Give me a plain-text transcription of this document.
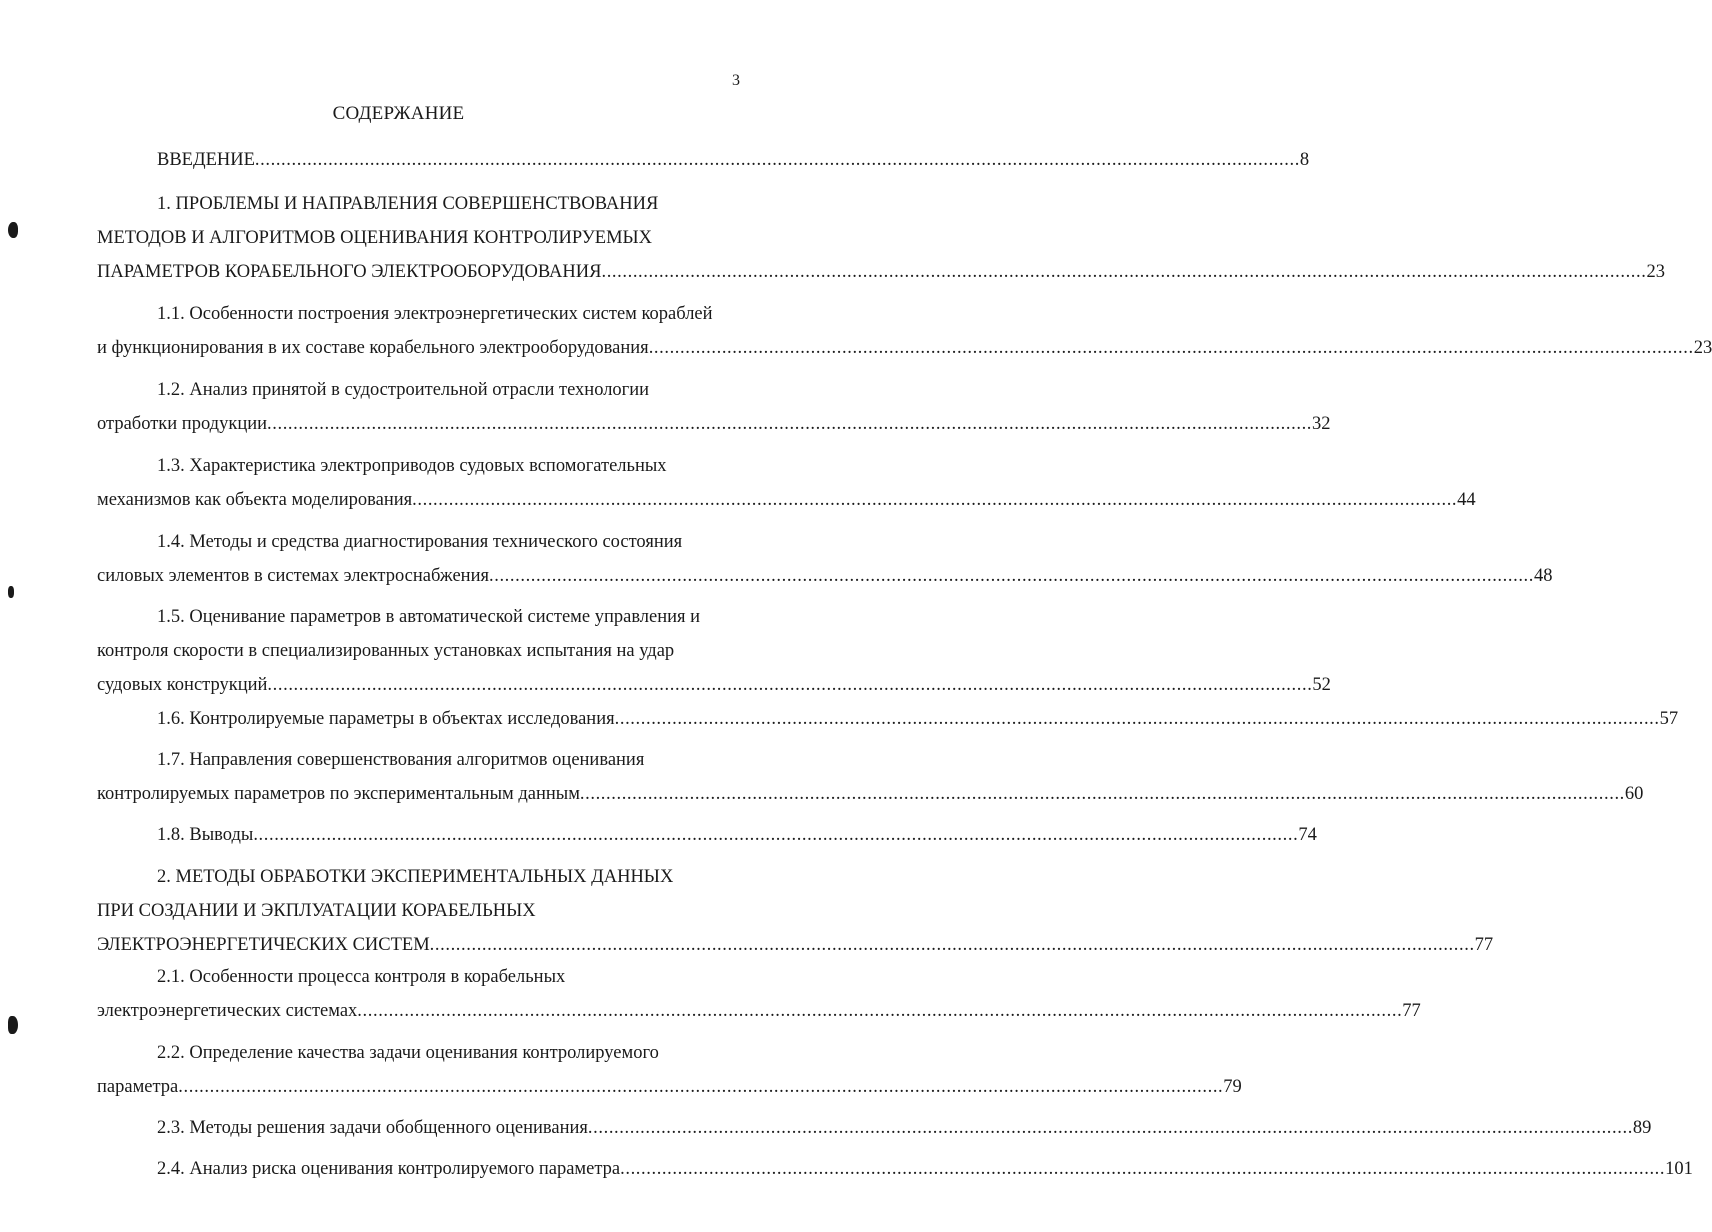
3
СОДЕРЖАНИЕ
ВВЕДЕНИЕ ........................................................................................................................................................................................................ 8
1. ПРОБЛЕМЫ И НАПРАВЛЕНИЯ СОВЕРШЕНСТВОВАНИЯ
МЕТОДОВ И АЛГОРИТМОВ ОЦЕНИВАНИЯ КОНТРОЛИРУЕМЫХ
ПАРАМЕТРОВ КОРАБЕЛЬНОГО ЭЛЕКТРООБОРУДОВАНИЯ ........................................................................................................................................................................................................ 23
1.1. Особенности построения электроэнергетических систем кораблей
и функционирования в их составе корабельного электрооборудования ........................................................................................................................................................................................................ 23
1.2. Анализ принятой в судостроительной отрасли технологии
отработки продукции ........................................................................................................................................................................................................ 32
1.3. Характеристика электроприводов судовых вспомогательных
механизмов как объекта моделирования ........................................................................................................................................................................................................ 44
1.4. Методы и средства диагностирования технического состояния
силовых элементов в системах электроснабжения ........................................................................................................................................................................................................ 48
1.5. Оценивание параметров в автоматической системе управления и
контроля скорости в специализированных установках испытания на удар
судовых конструкций ........................................................................................................................................................................................................ 52
1.6. Контролируемые параметры в объектах исследования ........................................................................................................................................................................................................ 57
1.7. Направления совершенствования алгоритмов оценивания
контролируемых параметров по экспериментальным данным ........................................................................................................................................................................................................ 60
1.8. Выводы ........................................................................................................................................................................................................ 74
2. МЕТОДЫ ОБРАБОТКИ ЭКСПЕРИМЕНТАЛЬНЫХ ДАННЫХ
ПРИ СОЗДАНИИ И ЭКПЛУАТАЦИИ КОРАБЕЛЬНЫХ
ЭЛЕКТРОЭНЕРГЕТИЧЕСКИХ СИСТЕМ ........................................................................................................................................................................................................ 77
2.1. Особенности процесса контроля в корабельных
электроэнергетических системах ........................................................................................................................................................................................................ 77
2.2. Определение качества задачи оценивания контролируемого
параметра ........................................................................................................................................................................................................ 79
2.3. Методы решения задачи обобщенного оценивания ........................................................................................................................................................................................................ 89
2.4. Анализ риска оценивания контролируемого параметра ........................................................................................................................................................................................................ 101
